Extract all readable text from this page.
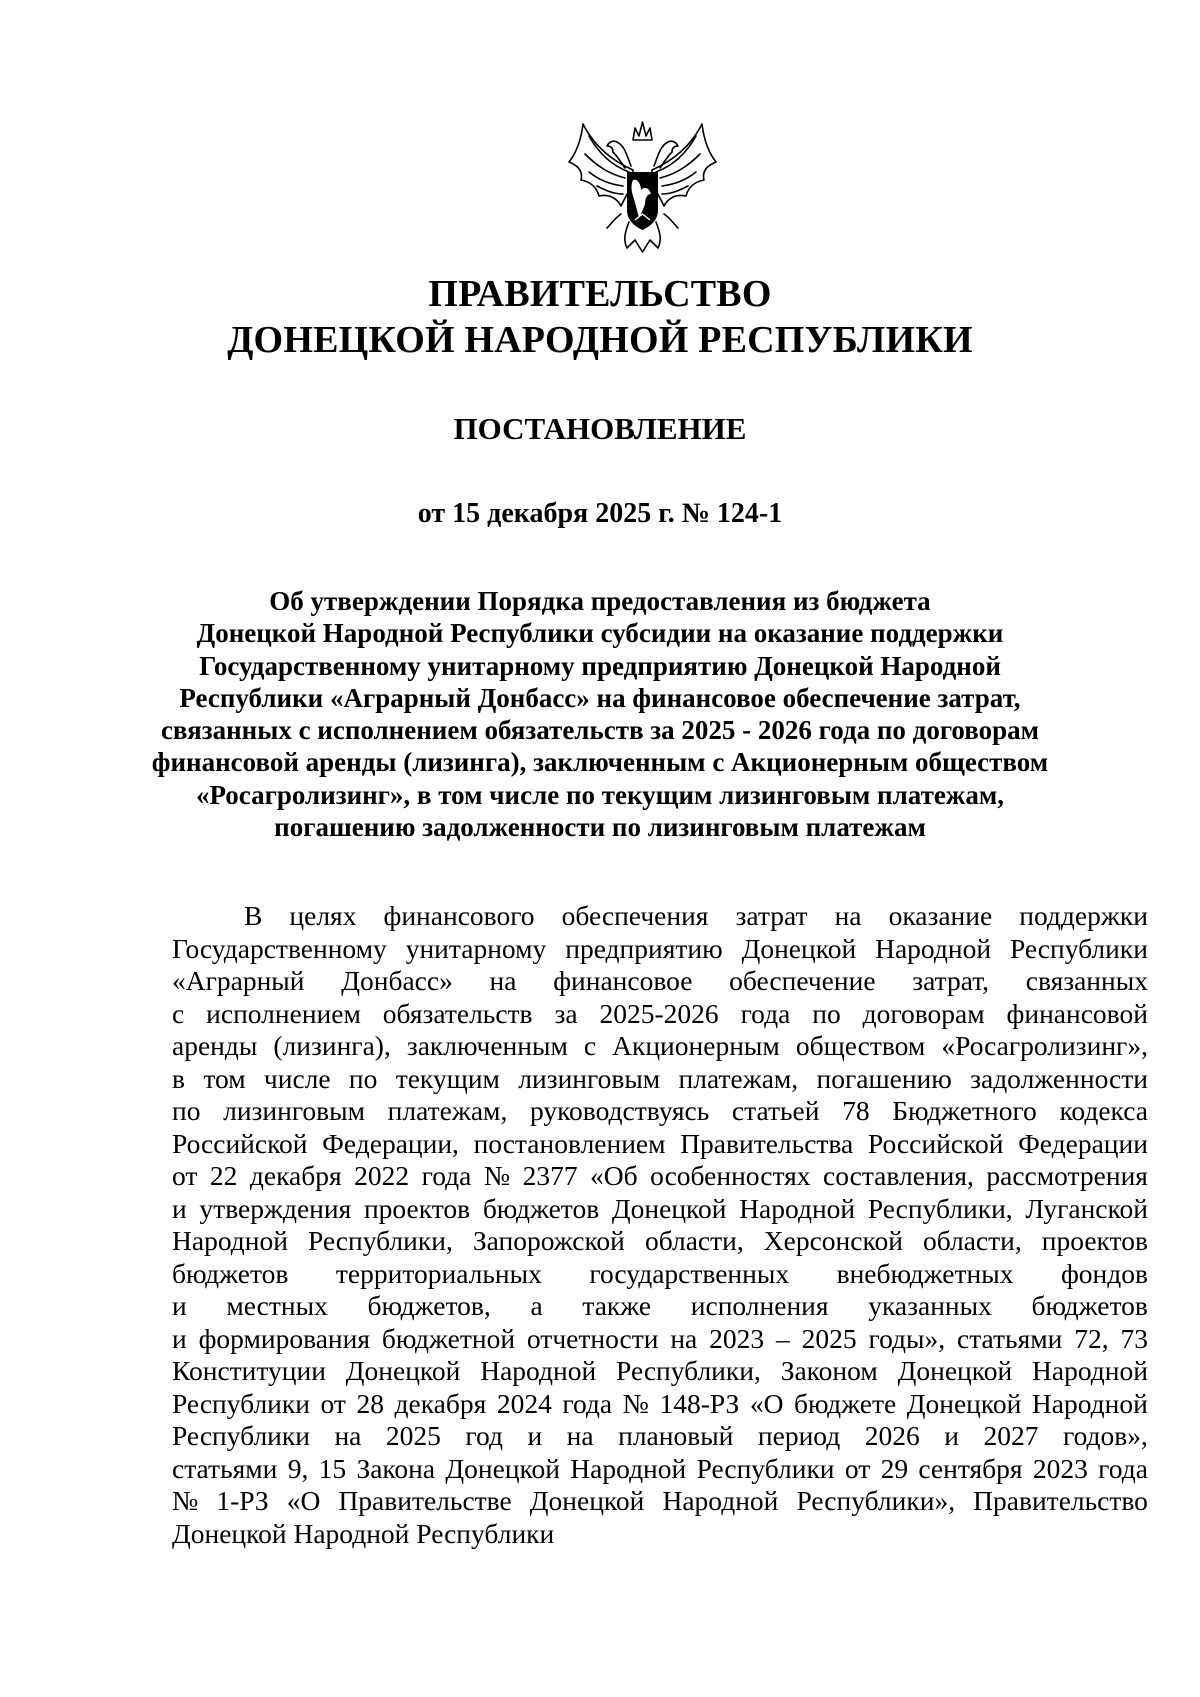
ПРАВИТЕЛЬСТВО
ДОНЕЦКОЙ НАРОДНОЙ РЕСПУБЛИКИ
ПОСТАНОВЛЕНИЕ
от 15 декабря 2025 г. № 124-1
Об утверждении Порядка предоставления из бюджета
Донецкой Народной Республики субсидии на оказание поддержки
Государственному унитарному предприятию Донецкой Народной
Республики «Аграрный Донбасс» на финансовое обеспечение затрат,
связанных с исполнением обязательств за 2025 - 2026 года по договорам
финансовой аренды (лизинга), заключенным с Акционерным обществом
«Росагролизинг», в том числе по текущим лизинговым платежам,
погашению задолженности по лизинговым платежам
В целях финансового обеспечения затрат на оказание поддержки
Государственному унитарному предприятию Донецкой Народной Республики
«Аграрный Донбасс» на финансовое обеспечение затрат, связанных
с исполнением обязательств за 2025-2026 года по договорам финансовой
аренды (лизинга), заключенным с Акционерным обществом «Росагролизинг»,
в том числе по текущим лизинговым платежам, погашению задолженности
по лизинговым платежам, руководствуясь статьей 78 Бюджетного кодекса
Российской Федерации, постановлением Правительства Российской Федерации
от 22 декабря 2022 года № 2377 «Об особенностях составления, рассмотрения
и утверждения проектов бюджетов Донецкой Народной Республики, Луганской
Народной Республики, Запорожской области, Херсонской области, проектов
бюджетов территориальных государственных внебюджетных фондов
и местных бюджетов, а также исполнения указанных бюджетов
и формирования бюджетной отчетности на 2023 – 2025 годы», статьями 72, 73
Конституции Донецкой Народной Республики, Законом Донецкой Народной
Республики от 28 декабря 2024 года № 148-РЗ «О бюджете Донецкой Народной
Республики на 2025 год и на плановый период 2026 и 2027 годов»,
статьями 9, 15 Закона Донецкой Народной Республики от 29 сентября 2023 года
№ 1-РЗ «О Правительстве Донецкой Народной Республики», Правительство
Донецкой Народной Республики
